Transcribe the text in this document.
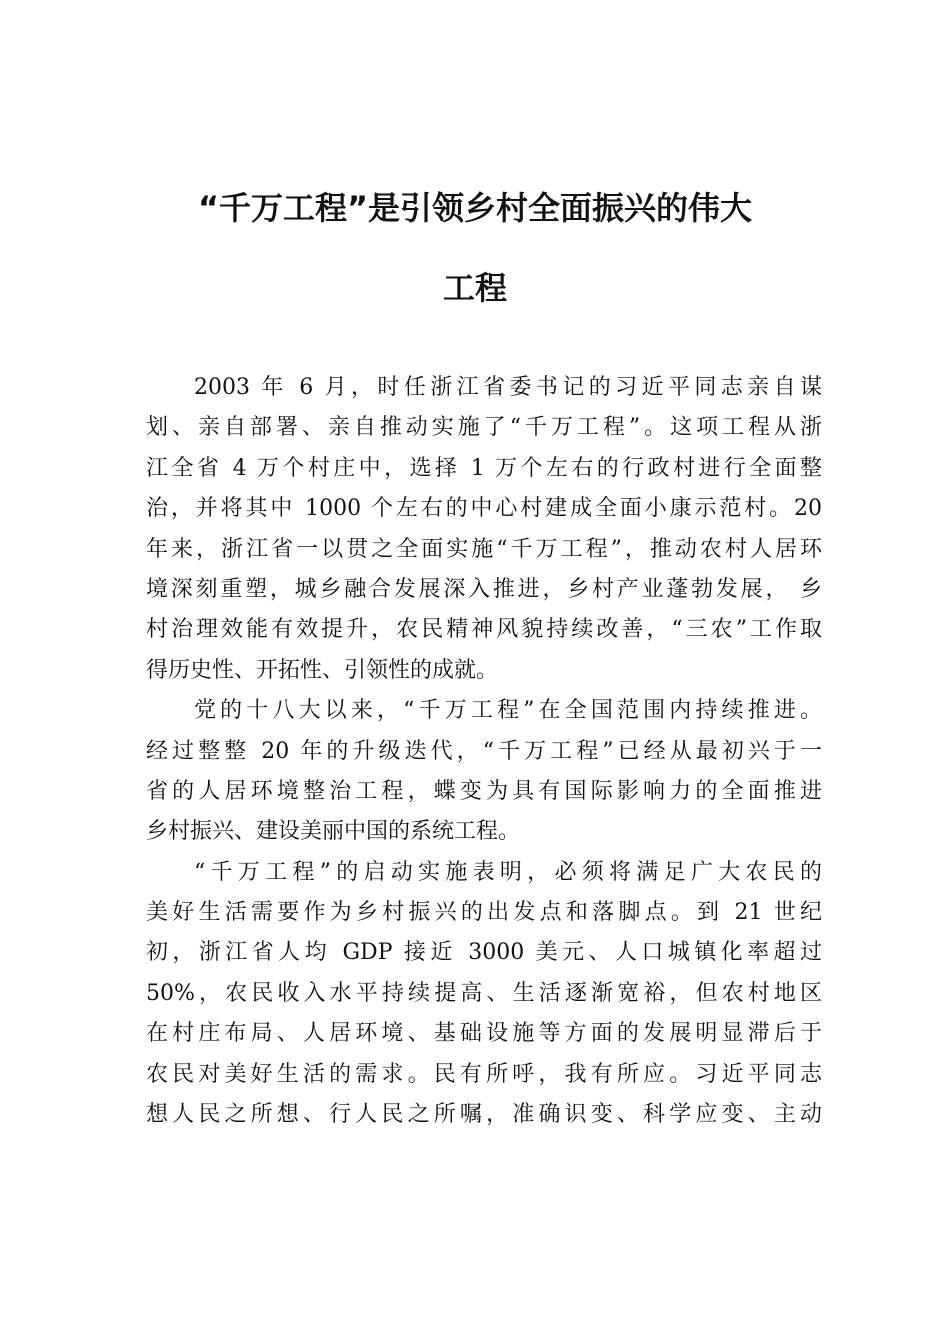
“千万工程”是引领乡村全面振兴的伟大
工程
2003 年 6 月，时任浙江省委书记的习近平同志亲自谋
划、亲自部署、亲自推动实施了“千万工程”。这项工程从浙
江全省 4 万个村庄中，选择 1 万个左右的行政村进行全面整
治，并将其中 1000 个左右的中心村建成全面小康示范村。20
年来，浙江省一以贯之全面实施“千万工程”，推动农村人居环
境深刻重塑，城乡融合发展深入推进，乡村产业蓬勃发展， 乡
村治理效能有效提升，农民精神风貌持续改善，“三农”工作取
得历史性、开拓性、引领性的成就。
党的十八大以来，“千万工程”在全国范围内持续推进。
经过整整 20 年的升级迭代，“千万工程”已经从最初兴于一
省的人居环境整治工程，蝶变为具有国际影响力的全面推进
乡村振兴、建设美丽中国的系统工程。
“千万工程”的启动实施表明，必须将满足广大农民的
美好生活需要作为乡村振兴的出发点和落脚点。到 21 世纪
初，浙江省人均 GDP 接近 3000 美元、人口城镇化率超过
50%，农民收入水平持续提高、生活逐渐宽裕，但农村地区
在村庄布局、人居环境、基础设施等方面的发展明显滞后于
农民对美好生活的需求。民有所呼，我有所应。习近平同志
想人民之所想、行人民之所嘱，准确识变、科学应变、主动
